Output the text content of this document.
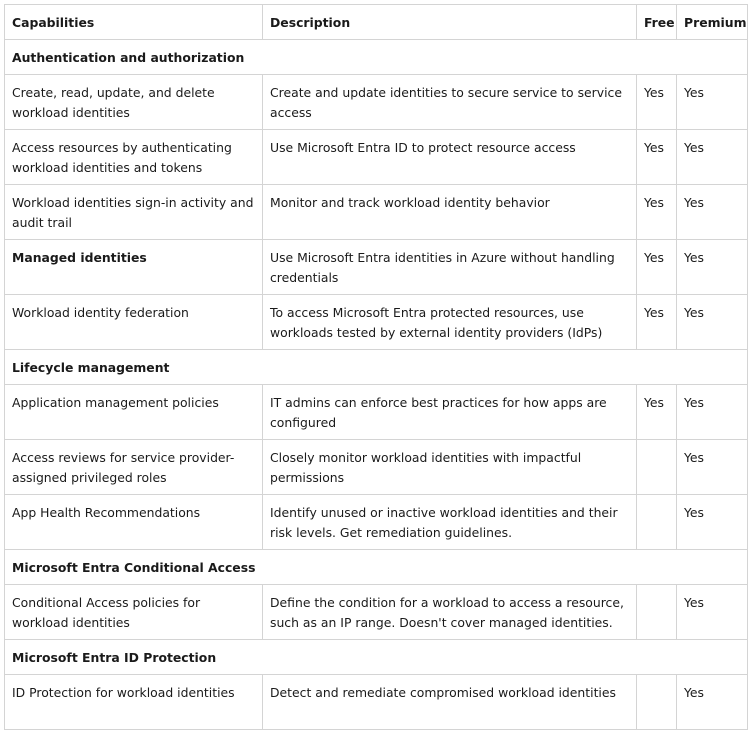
Capabilities	Description	Free	Premium
Authentication and authorization			
Create, read, update, and delete workload identities	Create and update identities to secure service to service access	Yes	Yes
Access resources by authenticating workload identities and tokens	Use Microsoft Entra ID to protect resource access	Yes	Yes
Workload identities sign-in activity and audit trail	Monitor and track workload identity behavior	Yes	Yes
Managed identities	Use Microsoft Entra identities in Azure without handling credentials	Yes	Yes
Workload identity federation	To access Microsoft Entra protected resources, use workloads tested by external identity providers (IdPs)	Yes	Yes
Lifecycle management			
Application management policies	IT admins can enforce best practices for how apps are configured	Yes	Yes
Access reviews for service provider-assigned privileged roles	Closely monitor workload identities with impactful permissions		Yes
App Health Recommendations	Identify unused or inactive workload identities and their risk levels. Get remediation guidelines.		Yes
Microsoft Entra Conditional Access			
Conditional Access policies for workload identities	Define the condition for a workload to access a resource, such as an IP range. Doesn't cover managed identities.		Yes
Microsoft Entra ID Protection			
ID Protection for workload identities	Detect and remediate compromised workload identities		Yes
